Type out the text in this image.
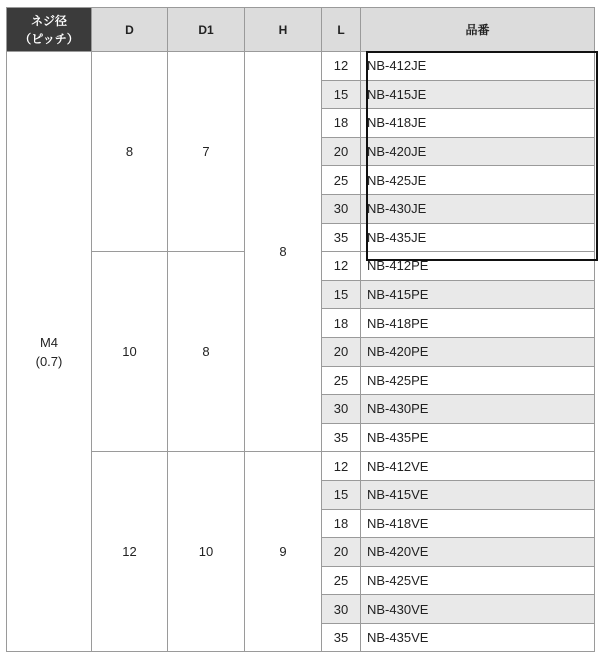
ネジ径
（ピッチ）	D	D1	H	L	品番

M4
(0.7)	8	7	8	12	NB-412JE
				15	NB-415JE
				18	NB-418JE
				20	NB-420JE
				25	NB-425JE
				30	NB-430JE
				35	NB-435JE
	10	8		12	NB-412PE
				15	NB-415PE
				18	NB-418PE
				20	NB-420PE
				25	NB-425PE
				30	NB-430PE
				35	NB-435PE
	12	10	9	12	NB-412VE
				15	NB-415VE
				18	NB-418VE
				20	NB-420VE
				25	NB-425VE
				30	NB-430VE
				35	NB-435VE
